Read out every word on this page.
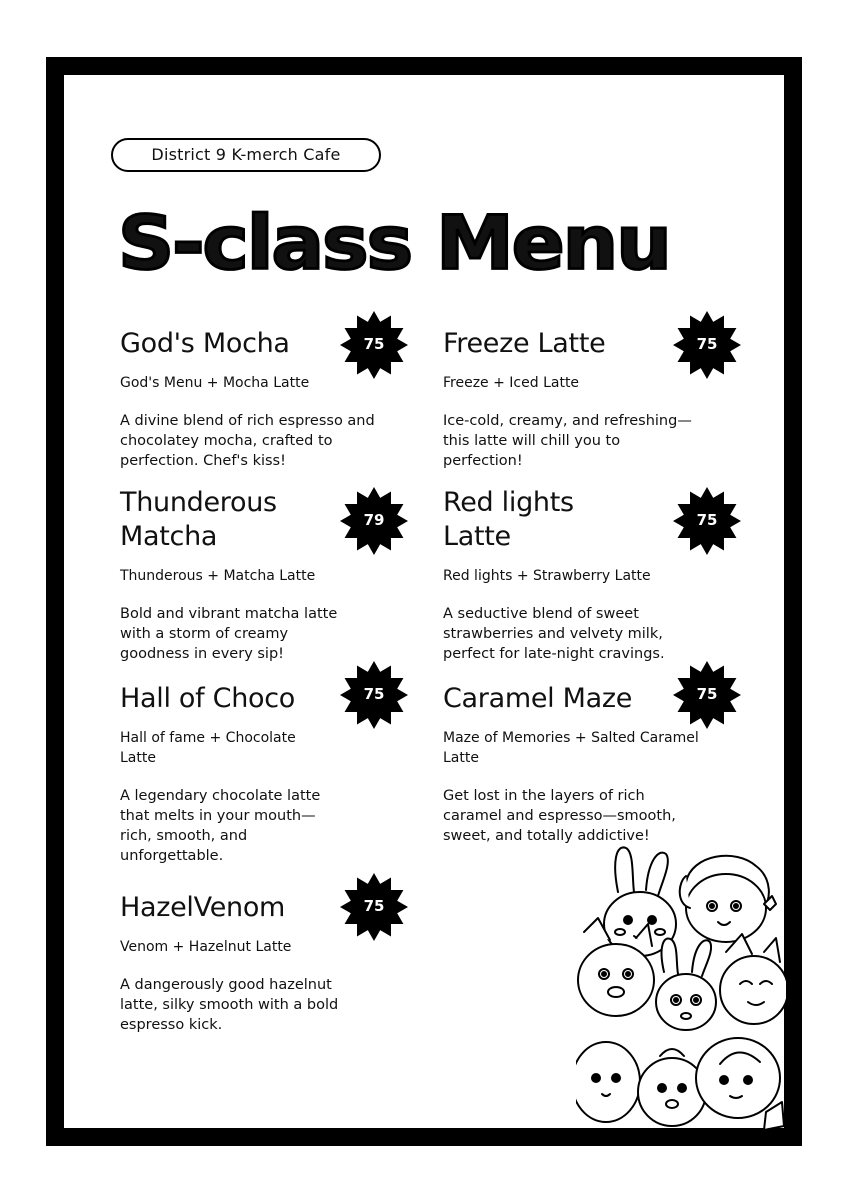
District 9 K-merch Cafe
S-class Menu
God's Mocha
God's Menu + Mocha Latte
A divine blend of rich espresso and chocolatey mocha, crafted to perfection. Chef's kiss!
75	Freeze Latte
Freeze + Iced Latte
Ice-cold, creamy, and refreshing—this latte will chill you to perfection!
75
Thunderous Matcha
Thunderous + Matcha Latte
Bold and vibrant matcha latte with a storm of creamy goodness in every sip!
79
Red lights Latte
Red lights + Strawberry Latte
A seductive blend of sweet strawberries and velvety milk, perfect for late-night cravings.
75
Hall of Choco
Hall of fame + Chocolate Latte
A legendary chocolate latte that melts in your mouth—rich, smooth, and unforgettable.
75	Caramel Maze
Maze of Memories + Salted Caramel Latte
Get lost in the layers of rich caramel and espresso—smooth, sweet, and totally addictive!
75
HazelVenom
Venom + Hazelnut Latte
A dangerously good hazelnut latte, silky smooth with a bold espresso kick.
75
